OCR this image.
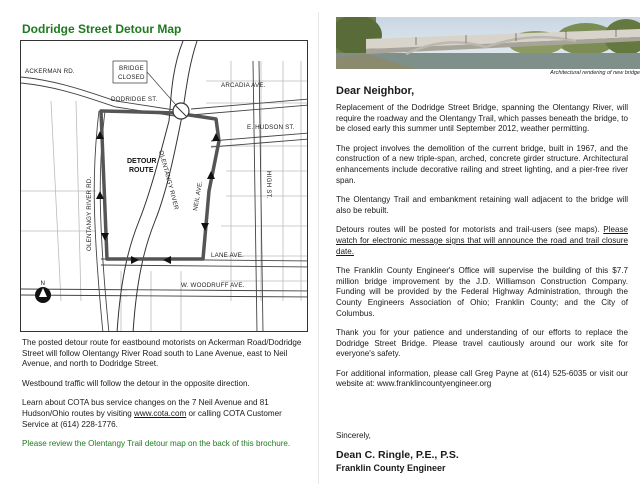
Dodridge Street Detour Map
ACKERMAN RD.
DODRIDGE ST.
BRIDGE
CLOSED
ARCADIA AVE.
E. HUDSON ST.
HIGH ST.
DETOUR
ROUTE
OLENTANGY RIVER RD.	NEIL AVE.
LANE AVE.
W. WOODRUFF AVE.
OLENTANGY RIVER
N

The posted detour route for eastbound motorists on Ackerman Road/Dodridge Street will follow Olentangy River Road south to Lane Avenue, east to Neil Avenue, and north to Dodridge Street.

Westbound traffic will follow the detour in the opposite direction.

Learn about COTA bus service changes on the 7 Neil Avenue and 81 Hudson/Ohio routes by visiting www.cota.com or calling COTA Customer Service at (614) 228-1776.

Please review the Olentangy Trail detour map on the back of this brochure.

Architectural rendering of new bridge
Dear Neighbor,

Replacement of the Dodridge Street Bridge, spanning the Olentangy River, will require the roadway and the Olentangy Trail, which passes beneath the bridge, to be closed early this summer until September 2012, weather permitting.

The project involves the demolition of the current bridge, built in 1967, and the construction of a new triple-span, arched, concrete girder structure. Architectural enhancements include decorative railing and street lighting, and a pier-free river span.

The Olentangy Trail and embankment retaining wall adjacent to the bridge will also be rebuilt.

Detours routes will be posted for motorists and trail-users (see maps). Please watch for electronic message signs that will announce the road and trail closure date.

The Franklin County Engineer's Office will supervise the building of this $7.7 million bridge improvement by the J.D. Williamson Construction Company. Funding will be provided by the Federal Highway Administration, through the County Engineers Association of Ohio; Franklin County; and the City of Columbus.

Thank you for your patience and understanding of our efforts to replace the Dodridge Street Bridge. Please travel cautiously around our work site for everyone's safety.

For additional information, please call Greg Payne at (614) 525-6035 or visit our website at: www.franklincountyengineer.org

Sincerely,
Dean C. Ringle, P.E., P.S.
Franklin County Engineer
